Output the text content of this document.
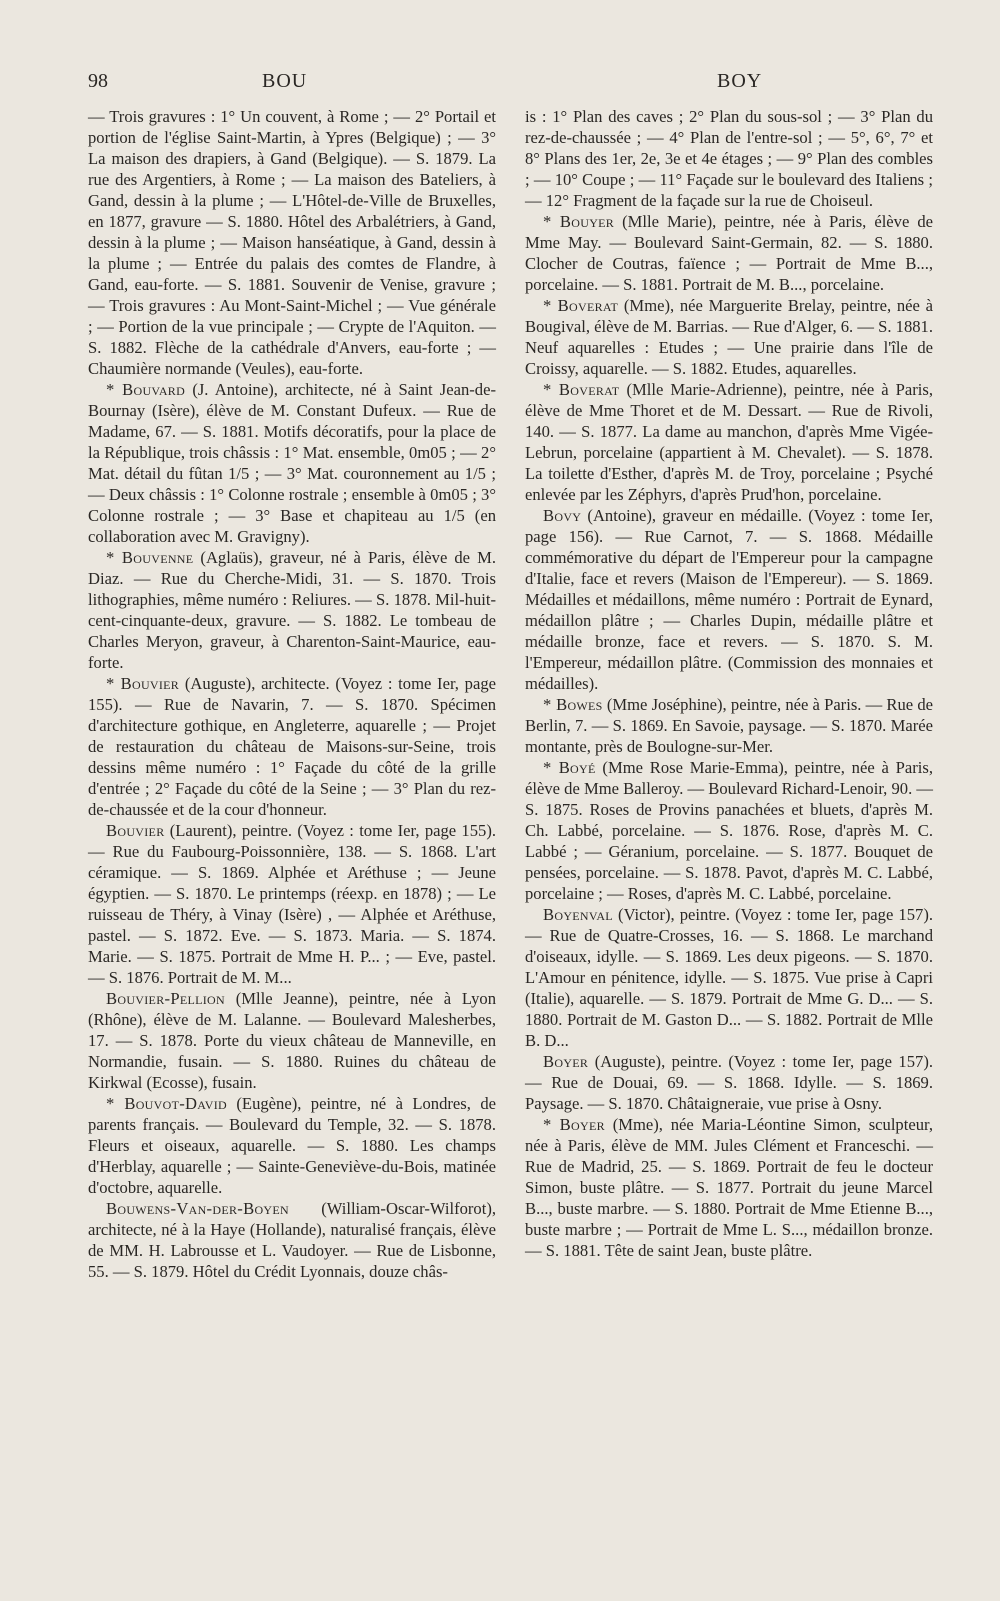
98	BOU	BOY

— Trois gravures : 1° Un couvent, à Rome ; — 2° Portail et portion de l'église Saint-Martin, à Ypres (Belgique) ; — 3° La maison des drapiers, à Gand (Belgique). — S. 1879. La rue des Argentiers, à Rome ; — La maison des Bateliers, à Gand, dessin à la plume ; — L'Hôtel-de-Ville de Bruxelles, en 1877, gravure — S. 1880. Hôtel des Arbalétriers, à Gand, dessin à la plume ; — Maison hanséatique, à Gand, dessin à la plume ; — Entrée du palais des comtes de Flandre, à Gand, eau-forte. — S. 1881. Souvenir de Venise, gravure ; — Trois gravures : Au Mont-Saint-Michel ; — Vue générale ; — Portion de la vue principale ; — Crypte de l'Aquiton. — S. 1882. Flèche de la cathédrale d'Anvers, eau-forte ; — Chaumière normande (Veules), eau-forte.

* Bouvard (J. Antoine), architecte, né à Saint Jean-de-Bournay (Isère), élève de M. Constant Dufeux. — Rue de Madame, 67. — S. 1881. Motifs décoratifs, pour la place de la République, trois châssis : 1° Mat. ensemble, 0m05 ; — 2° Mat. détail du fûtan 1/5 ; — 3° Mat. couronnement au 1/5 ; — Deux châssis : 1° Colonne rostrale ; ensemble à 0m05 ; 3° Colonne rostrale ; — 3° Base et chapiteau au 1/5 (en collaboration avec M. Gravigny).

* Bouvenne (Aglaüs), graveur, né à Paris, élève de M. Diaz. — Rue du Cherche-Midi, 31. — S. 1870. Trois lithographies, même numéro : Reliures. — S. 1878. Mil-huit-cent-cinquante-deux, gravure. — S. 1882. Le tombeau de Charles Meryon, graveur, à Charenton-Saint-Maurice, eau-forte.

* Bouvier (Auguste), architecte. (Voyez : tome Ier, page 155). — Rue de Navarin, 7. — S. 1870. Spécimen d'architecture gothique, en Angleterre, aquarelle ; — Projet de restauration du château de Maisons-sur-Seine, trois dessins même numéro : 1° Façade du côté de la grille d'entrée ; 2° Façade du côté de la Seine ; — 3° Plan du rez-de-chaussée et de la cour d'honneur.

Bouvier (Laurent), peintre. (Voyez : tome Ier, page 155). — Rue du Faubourg-Poissonnière, 138. — S. 1868. L'art céramique. — S. 1869. Alphée et Aréthuse ; — Jeune égyptien. — S. 1870. Le printemps (réexp. en 1878) ; — Le ruisseau de Théry, à Vinay (Isère) , — Alphée et Aréthuse, pastel. — S. 1872. Eve. — S. 1873. Maria. — S. 1874. Marie. — S. 1875. Portrait de Mme H. P... ; — Eve, pastel. — S. 1876. Portrait de M. M...

Bouvier-Pellion (Mlle Jeanne), peintre, née à Lyon (Rhône), élève de M. Lalanne. — Boulevard Malesherbes, 17. — S. 1878. Porte du vieux château de Manneville, en Normandie, fusain. — S. 1880. Ruines du château de Kirkwal (Ecosse), fusain.

* Bouvot-David (Eugène), peintre, né à Londres, de parents français. — Boulevard du Temple, 32. — S. 1878. Fleurs et oiseaux, aquarelle. — S. 1880. Les champs d'Herblay, aquarelle ; — Sainte-Geneviève-du-Bois, matinée d'octobre, aquarelle.

Bouwens-Van-der-Boyen (William-Oscar-Wilforot), architecte, né à la Haye (Hollande), naturalisé français, élève de MM. H. Labrousse et L. Vaudoyer. — Rue de Lisbonne, 55. — S. 1879. Hôtel du Crédit Lyonnais, douze châs-

is : 1° Plan des caves ; 2° Plan du sous-sol ; — 3° Plan du rez-de-chaussée ; — 4° Plan de l'entre-sol ; — 5°, 6°, 7° et 8° Plans des 1er, 2e, 3e et 4e étages ; — 9° Plan des combles ; — 10° Coupe ; — 11° Façade sur le boulevard des Italiens ; — 12° Fragment de la façade sur la rue de Choiseul.

* Bouyer (Mlle Marie), peintre, née à Paris, élève de Mme May. — Boulevard Saint-Germain, 82. — S. 1880. Clocher de Coutras, faïence ; — Portrait de Mme B..., porcelaine. — S. 1881. Portrait de M. B..., porcelaine.

* Boverat (Mme), née Marguerite Brelay, peintre, née à Bougival, élève de M. Barrias. — Rue d'Alger, 6. — S. 1881. Neuf aquarelles : Etudes ; — Une prairie dans l'île de Croissy, aquarelle. — S. 1882. Etudes, aquarelles.

* Boverat (Mlle Marie-Adrienne), peintre, née à Paris, élève de Mme Thoret et de M. Dessart. — Rue de Rivoli, 140. — S. 1877. La dame au manchon, d'après Mme Vigée-Lebrun, porcelaine (appartient à M. Chevalet). — S. 1878. La toilette d'Esther, d'après M. de Troy, porcelaine ; Psyché enlevée par les Zéphyrs, d'après Prud'hon, porcelaine.

Bovy (Antoine), graveur en médaille. (Voyez : tome Ier, page 156). — Rue Carnot, 7. — S. 1868. Médaille commémorative du départ de l'Empereur pour la campagne d'Italie, face et revers (Maison de l'Empereur). — S. 1869. Médailles et médaillons, même numéro : Portrait de Eynard, médaillon plâtre ; — Charles Dupin, médaille plâtre et médaille bronze, face et revers. — S. 1870. S. M. l'Empereur, médaillon plâtre. (Commission des monnaies et médailles).

* Bowes (Mme Joséphine), peintre, née à Paris. — Rue de Berlin, 7. — S. 1869. En Savoie, paysage. — S. 1870. Marée montante, près de Boulogne-sur-Mer.

* Boyé (Mme Rose Marie-Emma), peintre, née à Paris, élève de Mme Balleroy. — Boulevard Richard-Lenoir, 90. — S. 1875. Roses de Provins panachées et bluets, d'après M. Ch. Labbé, porcelaine. — S. 1876. Rose, d'après M. C. Labbé ; — Géranium, porcelaine. — S. 1877. Bouquet de pensées, porcelaine. — S. 1878. Pavot, d'après M. C. Labbé, porcelaine ; — Roses, d'après M. C. Labbé, porcelaine.

Boyenval (Victor), peintre. (Voyez : tome Ier, page 157). — Rue de Quatre-Crosses, 16. — S. 1868. Le marchand d'oiseaux, idylle. — S. 1869. Les deux pigeons. — S. 1870. L'Amour en pénitence, idylle. — S. 1875. Vue prise à Capri (Italie), aquarelle. — S. 1879. Portrait de Mme G. D... — S. 1880. Portrait de M. Gaston D... — S. 1882. Portrait de Mlle B. D...

Boyer (Auguste), peintre. (Voyez : tome Ier, page 157). — Rue de Douai, 69. — S. 1868. Idylle. — S. 1869. Paysage. — S. 1870. Châtaigneraie, vue prise à Osny.

* Boyer (Mme), née Maria-Léontine Simon, sculpteur, née à Paris, élève de MM. Jules Clément et Franceschi. — Rue de Madrid, 25. — S. 1869. Portrait de feu le docteur Simon, buste plâtre. — S. 1877. Portrait du jeune Marcel B..., buste marbre. — S. 1880. Portrait de Mme Etienne B..., buste marbre ; — Portrait de Mme L. S..., médaillon bronze. — S. 1881. Tête de saint Jean, buste plâtre.
